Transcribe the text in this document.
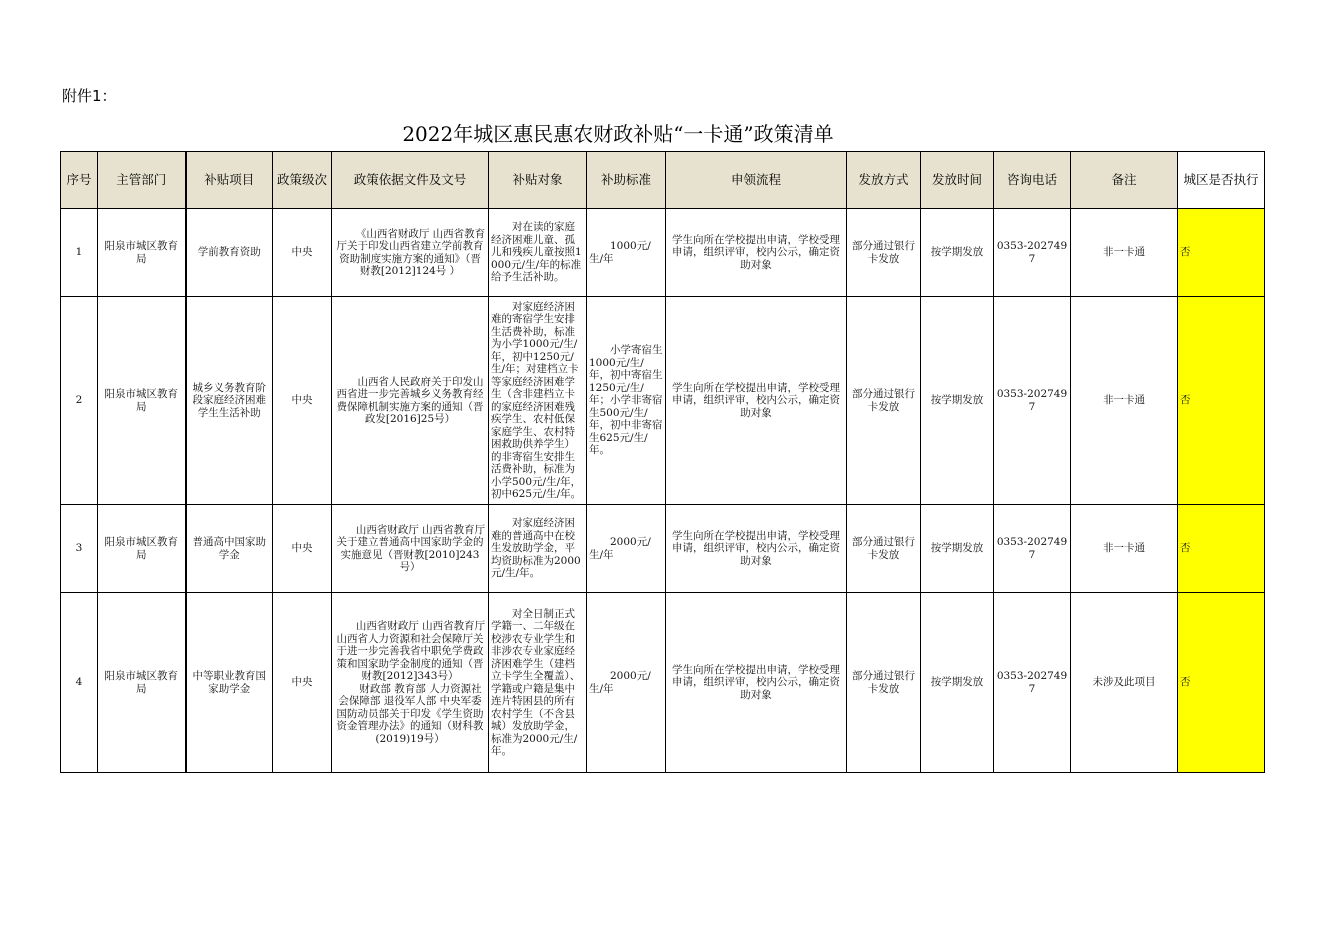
附件1：
2022年城区惠民惠农财政补贴“一卡通”政策清单
序号	主管部门	补贴项目	政策级次	政策依据文件及文号	补贴对象	补助标准	申领流程	发放方式	发放时间	咨询电话	备注	城区是否执行
1	阳泉市城区教育局	学前教育资助	中央	《山西省财政厅 山西省教育厅关于印发山西省建立学前教育资助制度实施方案的通知》（晋财教[2012]124号 ）	对在读的家庭经济困难儿童、孤儿和残疾儿童按照1000元/生/年的标准给予生活补助。	1000元/生/年	学生向所在学校提出申请，学校受理申请，组织评审，校内公示，确定资助对象	部分通过银行卡发放	按学期发放	0353-2027497	非一卡通	否
2	阳泉市城区教育局	城乡义务教育阶段家庭经济困难学生生活补助	中央	山西省人民政府关于印发山西省进一步完善城乡义务教育经费保障机制实施方案的通知（晋政发[2016]25号）	对家庭经济困难的寄宿学生安排生活费补助，标准为小学1000元/生/年，初中1250元/生/年；对建档立卡等家庭经济困难学生（含非建档立卡的家庭经济困难残疾学生、农村低保家庭学生、农村特困救助供养学生）的非寄宿生安排生活费补助，标准为小学500元/生/年，初中625元/生/年。	小学寄宿生1000元/生/年，初中寄宿生1250元/生/年；小学非寄宿生500元/生/年，初中非寄宿生625元/生/年。	学生向所在学校提出申请，学校受理申请，组织评审，校内公示，确定资助对象	部分通过银行卡发放	按学期发放	0353-2027497	非一卡通	否
3	阳泉市城区教育局	普通高中国家助学金	中央	山西省财政厅 山西省教育厅关于建立普通高中国家助学金的实施意见（晋财教[2010]243号）	对家庭经济困难的普通高中在校生发放助学金，平均资助标准为2000元/生/年。	2000元/生/年	学生向所在学校提出申请，学校受理申请，组织评审，校内公示，确定资助对象	部分通过银行卡发放	按学期发放	0353-2027497	非一卡通	否
4	阳泉市城区教育局	中等职业教育国家助学金	中央	山西省财政厅 山西省教育厅 山西省人力资源和社会保障厅关于进一步完善我省中职免学费政策和国家助学金制度的通知（晋财教[2012]343号）
财政部 教育部 人力资源社会保障部 退役军人部 中央军委国防动员部关于印发《学生资助资金管理办法》的通知（财科教(2019)19号）	对全日制正式学籍一、二年级在校涉农专业学生和非涉农专业家庭经济困难学生（建档立卡学生全覆盖）、学籍或户籍是集中连片特困县的所有农村学生（不含县城）发放助学金，标准为2000元/生/年。	2000元/生/年	学生向所在学校提出申请，学校受理申请，组织评审，校内公示，确定资助对象	部分通过银行卡发放	按学期发放	0353-2027497	未涉及此项目	否
